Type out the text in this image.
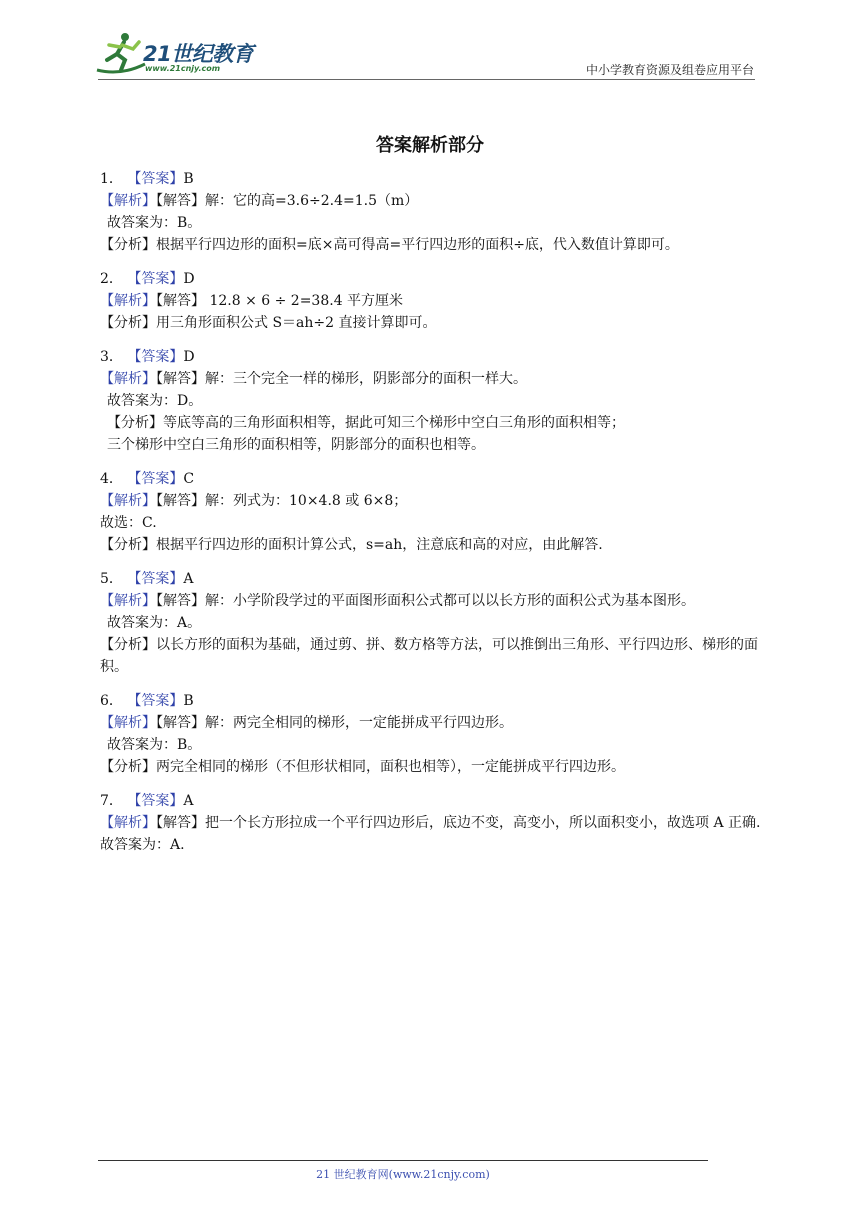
21世纪教育
www.21cnjy.com	中小学教育资源及组卷应用平台
答案解析部分

1． 【答案】B

【解析】【解答】解：它的高=3.6÷2.4=1.5（m）

故答案为：B。

【分析】根据平行四边形的面积=底×高可得高=平行四边形的面积÷底，代入数值计算即可。

2． 【答案】D

【解析】【解答】 12.8 × 6 ÷ 2=38.4 平方厘米

【分析】用三角形面积公式 S＝ah÷2 直接计算即可。

3． 【答案】D

【解析】【解答】解：三个完全一样的梯形，阴影部分的面积一样大。

故答案为：D。

【分析】等底等高的三角形面积相等，据此可知三个梯形中空白三角形的面积相等；

三个梯形中空白三角形的面积相等，阴影部分的面积也相等。

4． 【答案】C

【解析】【解答】解：列式为：10×4.8 或 6×8；

故选：C.

【分析】根据平行四边形的面积计算公式，s=ah，注意底和高的对应，由此解答.

5． 【答案】A

【解析】【解答】解：小学阶段学过的平面图形面积公式都可以以长方形的面积公式为基本图形。

故答案为：A。

【分析】以长方形的面积为基础，通过剪、拼、数方格等方法，可以推倒出三角形、平行四边形、梯形的面积。

6． 【答案】B

【解析】【解答】解：两完全相同的梯形，一定能拼成平行四边形。

故答案为：B。

【分析】两完全相同的梯形（不但形状相同，面积也相等），一定能拼成平行四边形。

7． 【答案】A

【解析】【解答】把一个长方形拉成一个平行四边形后，底边不变，高变小，所以面积变小，故选项 A 正确.

故答案为：A.

21 世纪教育网(www.21cnjy.com)
